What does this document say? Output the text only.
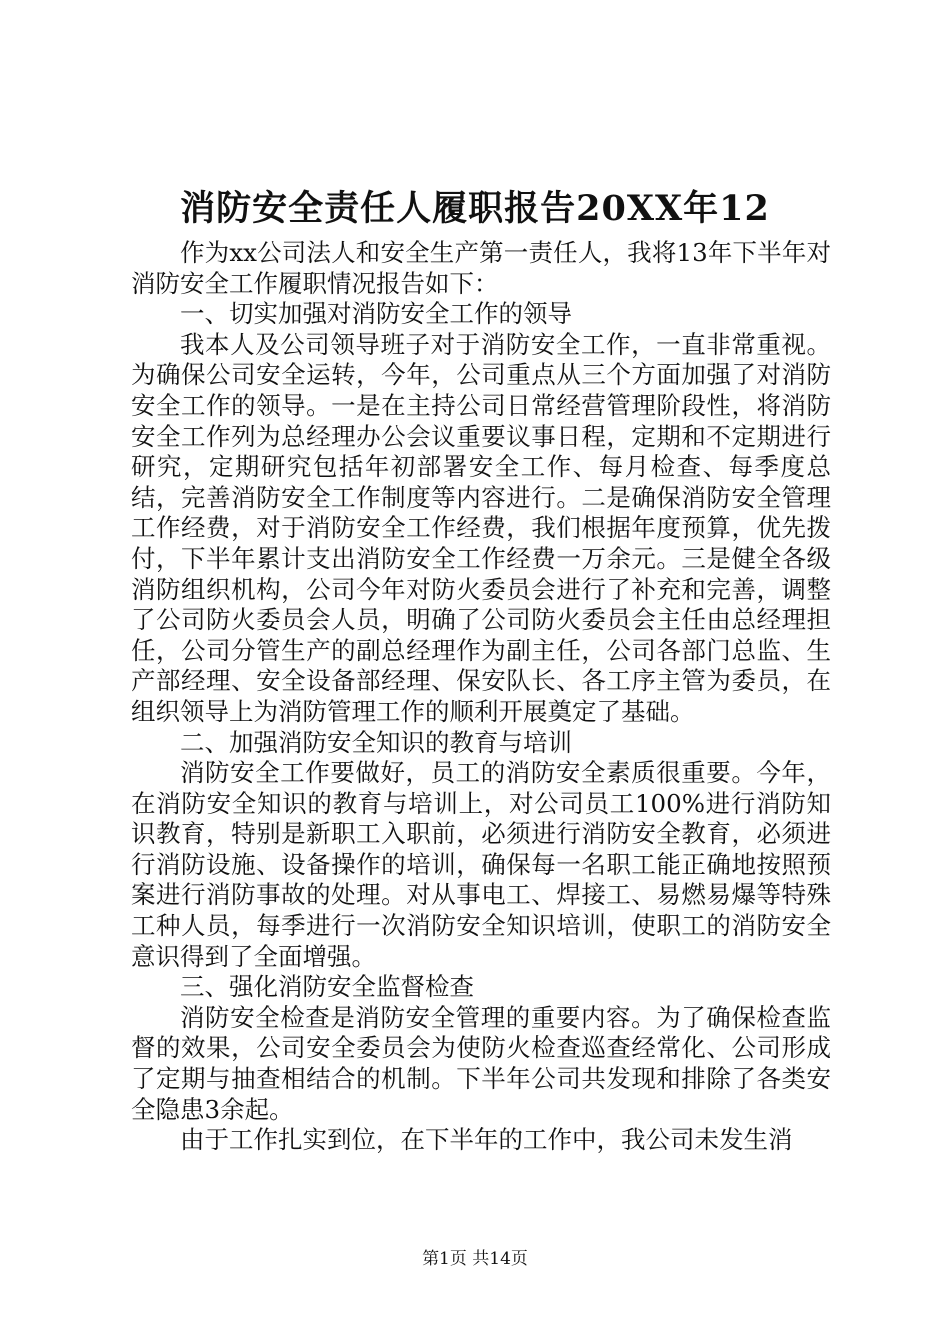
消防安全责任人履职报告20XX年12

作为xx公司法人和安全生产第一责任人，我将13年下半年对消防安全工作履职情况报告如下：

一、切实加强对消防安全工作的领导

我本人及公司领导班子对于消防安全工作，一直非常重视。为确保公司安全运转，今年，公司重点从三个方面加强了对消防安全工作的领导。一是在主持公司日常经营管理阶段性，将消防安全工作列为总经理办公会议重要议事日程，定期和不定期进行研究，定期研究包括年初部署安全工作、每月检查、每季度总结，完善消防安全工作制度等内容进行。二是确保消防安全管理工作经费，对于消防安全工作经费，我们根据年度预算，优先拨付，下半年累计支出消防安全工作经费一万余元。三是健全各级消防组织机构，公司今年对防火委员会进行了补充和完善，调整了公司防火委员会人员，明确了公司防火委员会主任由总经理担任，公司分管生产的副总经理作为副主任，公司各部门总监、生产部经理、安全设备部经理、保安队长、各工序主管为委员，在组织领导上为消防管理工作的顺利开展奠定了基础。

二、加强消防安全知识的教育与培训

消防安全工作要做好，员工的消防安全素质很重要。今年，在消防安全知识的教育与培训上，对公司员工100%进行消防知识教育，特别是新职工入职前，必须进行消防安全教育，必须进行消防设施、设备操作的培训，确保每一名职工能正确地按照预案进行消防事故的处理。对从事电工、焊接工、易燃易爆等特殊工种人员，每季进行一次消防安全知识培训，使职工的消防安全意识得到了全面增强。

三、强化消防安全监督检查

消防安全检查是消防安全管理的重要内容。为了确保检查监督的效果，公司安全委员会为使防火检查巡查经常化、公司形成了定期与抽查相结合的机制。下半年公司共发现和排除了各类安全隐患3余起。

由于工作扎实到位，在下半年的工作中，我公司未发生消

第1页 共14页
